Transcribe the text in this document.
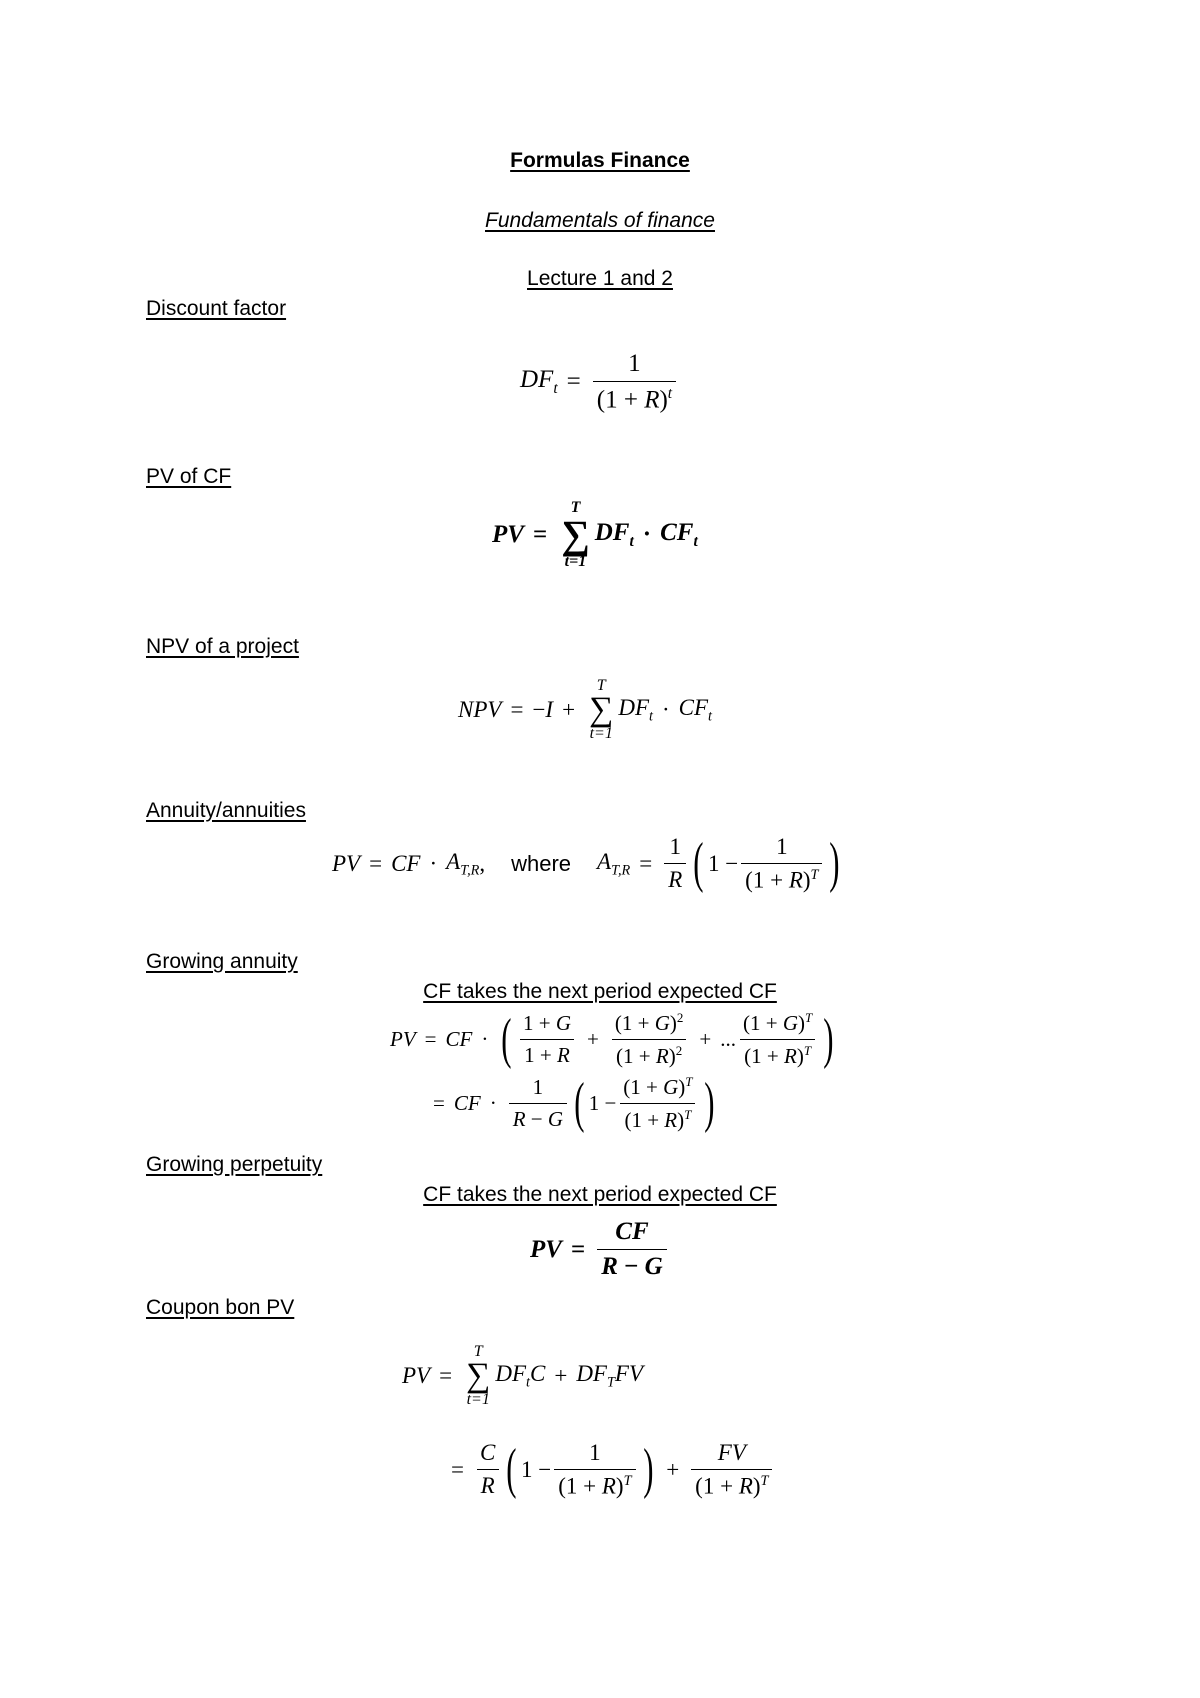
Formulas Finance
Fundamentals of finance
Lecture 1 and 2
Discount factor
$DF_t = \frac{1}{(1 + R)^t}$
PV of CF
PV =
T
∑
t=1
$DF_t \cdot CF_t$
NPV of a project
NPV = −I +
T
∑
t=1
$DF_t \cdot CF_t$
Annuity/annuities
PV = CF · $A_{T,R}$ , where $A_{T,R} = \frac{1}{R}$ ( $1 - \frac{1}{(1 + R)^T}$ )
Growing annuity
CF takes the next period expected CF
PV = CF · ( 1 + G
1 + R
+ $\frac{(1 + G)^2}{(1 + R)^2}$ + ...
$(1 + G)^T$
$(1 + R)^T$ )
= CF ·
1
R − G ( $1 - \frac{(1 + G)^T}{(1 + R)^T}$ )
Growing perpetuity
CF takes the next period expected CF
PV = $\frac{CF}{R - G}$
Coupon bon PV
PV =
T
∑
t=1
$DF_tC + DF_TFV$
= $\frac{C}{R}$ ( $1 - \frac{1}{(1 + R)^T}$ ) + $\frac{FV}{(1 + R)^T}$
